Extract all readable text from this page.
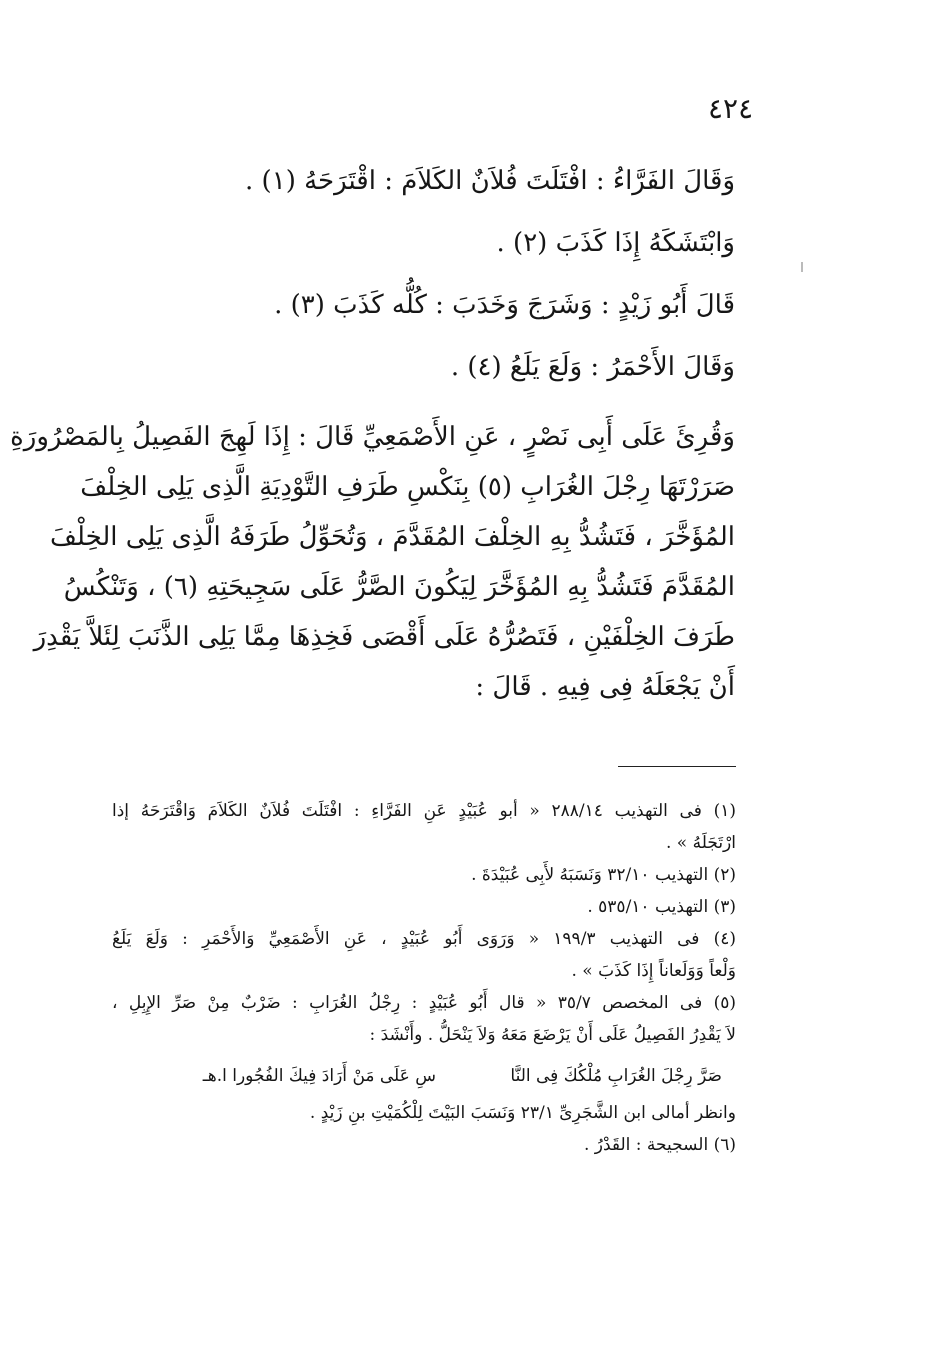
٤٢٤
وَقَالَ الفَرَّاءُ : افْتَلَتَ فُلاَنٌ الكَلاَمَ : اقْتَرَحَهُ (١) .
وَابْتَشَكَهُ إِذَا كَذَبَ (٢) .
قَالَ أَبُو زَيْدٍ : وَشَرَجَ وَخَدَبَ : كُلُّه كَذَبَ (٣) .
وَقَالَ الأَحْمَرُ : وَلَعَ يَلَعُ (٤) .
وَقُرِئَ عَلَى أَبِى نَصْرٍ ، عَنِ الأَصْمَعِيِّ قَالَ : إِذَا لَهِجَ الفَصِيلُ بِالمَصْرُورَةِ
صَرَرْتَهَا رِجْلَ الغُرَابِ (٥) بِنَكْسِ طَرَفِ التَّوْدِيَةِ الَّذِى يَلِى الخِلْفَ
المُؤَخَّرَ ، فَتَشُدُّ بِهِ الخِلْفَ المُقَدَّمَ ، وَتُحَوِّلُ طَرَفَهُ الَّذِى يَلِى الخِلْفَ
المُقَدَّمَ فَتَشُدُّ بِهِ المُؤَخَّرَ لِيَكُونَ الصَّرُّ عَلَى سَجِيحَتِهِ (٦) ، وَتَنْكُسُ
طَرَفَ الخِلْفَيْنِ ، فَتَصُرُّهُ عَلَى أَقْصَى فَخِذِهَا مِمَّا يَلِى الذَّنَبَ لِئَلاَّ يَقْدِرَ
أَنْ يَجْعَلَهُ فِى فِيهِ . قَالَ :

(١) فى التهذيب ٢٨٨/١٤ « أبو عُبَيْدٍ عَنِ الفَرَّاءِ : افْتَلَتَ فُلاَنٌ الكَلاَمَ وَاقْتَرَحَهُ إذا
ارْتَجَلَهُ » .

(٢) التهذيب ٣٢/١٠ وَنَسَبَهُ لأَبِى عُبَيْدَةَ .

(٣) التهذيب ٥٣٥/١٠ .

(٤) فى التهذيب ١٩٩/٣ « وَرَوَى أَبُو عُبَيْدٍ ، عَنِ الأَصْمَعِيِّ وَالأَحْمَرِ : وَلَعَ يَلَعُ
وَلْعاً وَوَلَعاناً إِذَا كَذَبَ » .

(٥) فى المخصص ٣٥/٧ « قال أَبُو عُبَيْدٍ : رِجْلُ الغُرَابِ : ضَرْبٌ مِنْ صَرِّ الإِبِلِ ،
لاَ يَقْدِرُ الفَصِيلُ عَلَى أَنْ يَرْضَعَ مَعَهُ وَلاَ يَنْحَلُّ . وأَنْشَدَ :

صَرَّ رِجْلَ الغُرَابِ مُلْكُكَ فِى النَّا
سِ عَلَى مَنْ أَرَادَ فِيكَ الفُجُورا ا.هـ

وانظر أمالى ابن الشَّجَرِىِّ ٢٣/١ وَنَسَبَ البَيْتَ لِلْكُمَيْتِ بنِ زَيْدٍ .

(٦) السجيحة : القَدْرُ .
